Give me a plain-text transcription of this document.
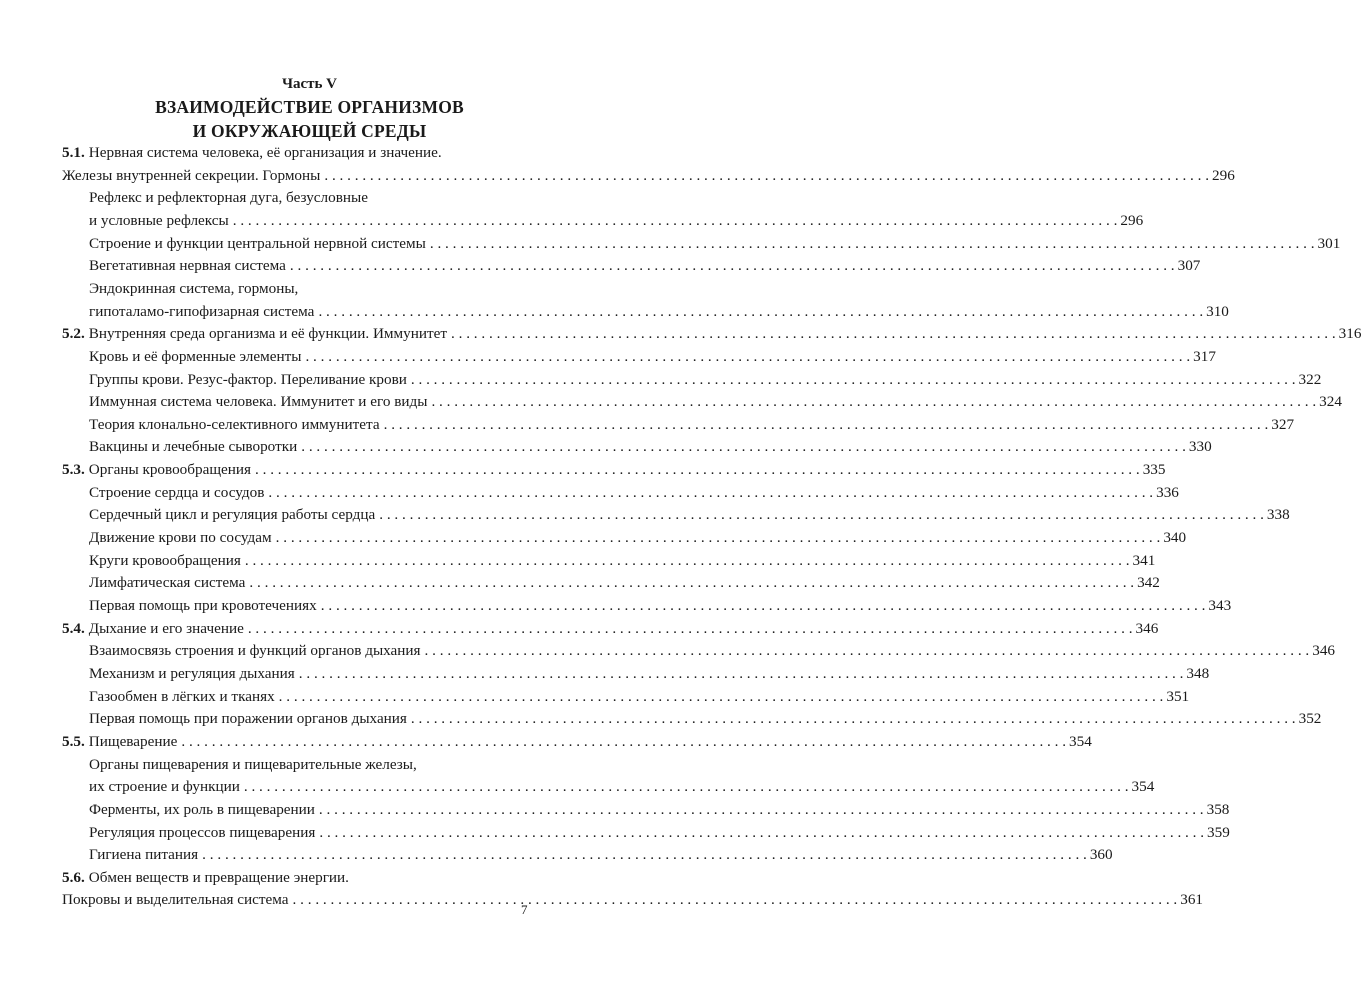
Часть V
ВЗАИМОДЕЙСТВИЕ ОРГАНИЗМОВ
И ОКРУЖАЮЩЕЙ СРЕДЫ
5.1. Нервная система человека, её организация и значение.
Железы внутренней секреции. Гормоны . . .	296
Рефлекс и рефлекторная дуга, безусловные
и условные рефлексы . . .	296
Строение и функции центральной нервной системы . . .	301
Вегетативная нервная система . . .	307
Эндокринная система, гормоны,
гипоталамо-гипофизарная система . . .	310
5.2. Внутренняя среда организма и её функции. Иммунитет . . .	316
Кровь и её форменные элементы . . .	317
Группы крови. Резус-фактор. Переливание крови . . .	322
Иммунная система человека. Иммунитет и его виды . . .	324
Теория клонально-селективного иммунитета . . .	327
Вакцины и лечебные сыворотки . . .	330
5.3. Органы кровообращения . . .	335
Строение сердца и сосудов . . .	336
Сердечный цикл и регуляция работы сердца . . .	338
Движение крови по сосудам . . .	340
Круги кровообращения . . .	341
Лимфатическая система . . .	342
Первая помощь при кровотечениях . . .	343
5.4. Дыхание и его значение . . .	346
Взаимосвязь строения и функций органов дыхания . . .	346
Механизм и регуляция дыхания . . .	348
Газообмен в лёгких и тканях . . .	351
Первая помощь при поражении органов дыхания . . .	352
5.5. Пищеварение . . .	354
Органы пищеварения и пищеварительные железы,
их строение и функции . . .	354
Ферменты, их роль в пищеварении . . .	358
Регуляция процессов пищеварения . . .	359
Гигиена питания . . .	360
5.6. Обмен веществ и превращение энергии.
Покровы и выделительная система . . .	361
7
